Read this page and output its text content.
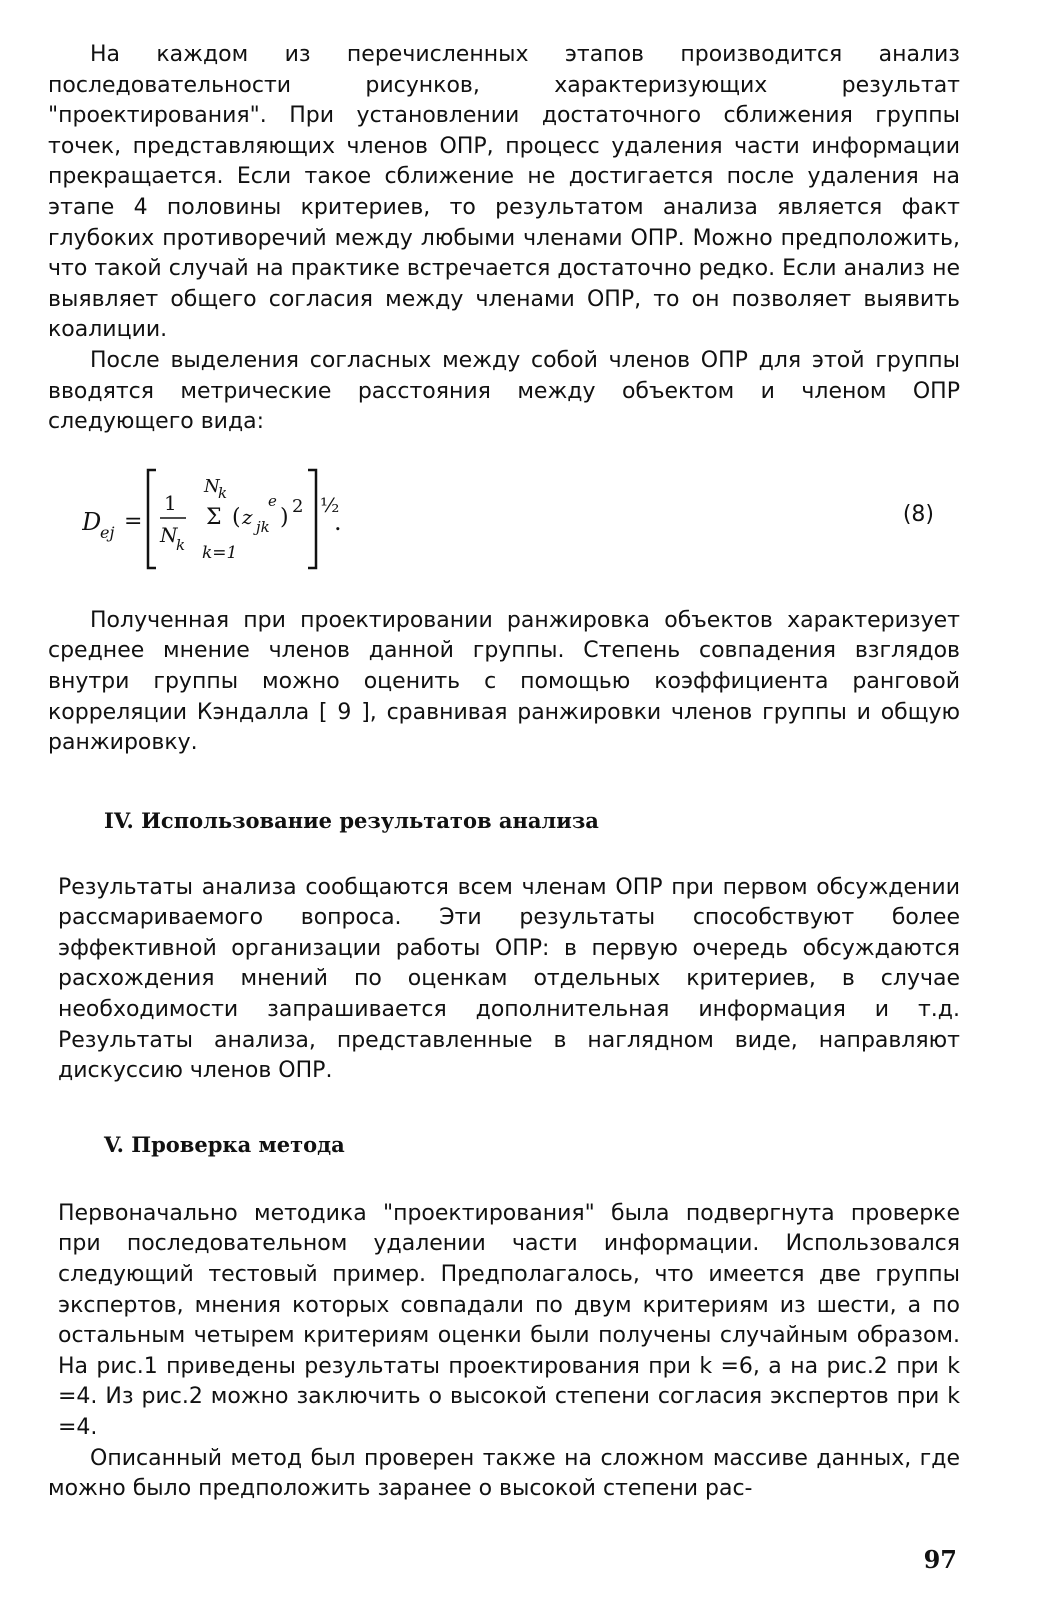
На каждом из перечисленных этапов производится анализ последовательности рисунков, характеризующих результат "проектирования". При установлении достаточного сближения группы точек, представляющих членов ОПР, процесс удаления части информации прекращается. Если такое сближение не достигается после удаления на этапе 4 половины критериев, то результатом анализа является факт глубоких противоречий между любыми членами ОПР. Можно предположить, что такой случай на практике встречается достаточно редко. Если анализ не выявляет общего согласия между членами ОПР, то он позволяет выявить коалиции.

После выделения согласных между собой членов ОПР для этой группы вводятся метрические расстояния между объектом и членом ОПР следующего вида:

D
ej =
1
N
k
N
k
Σ
k=1
( z
e
jk ) 2 ½
.	(8)

Полученная при проектировании ранжировка объектов характеризует среднее мнение членов данной группы. Степень совпадения взглядов внутри группы можно оценить с помощью коэффициента ранговой корреляции Кэндалла [ 9 ], сравнивая ранжировки членов группы и общую ранжировку.

IV. Использование результатов анализа

Результаты анализа сообщаются всем членам ОПР при первом обсуждении рассмариваемого вопроса. Эти результаты способствуют более эффективной организации работы ОПР: в первую очередь обсуждаются расхождения мнений по оценкам отдельных критериев, в случае необходимости запрашивается дополнительная информация и т.д. Результаты анализа, представленные в наглядном виде, направляют дискуссию членов ОПР.

V. Проверка метода

Первоначально методика "проектирования" была подвергнута проверке при последовательном удалении части информации. Использовался следующий тестовый пример. Предполагалось, что имеется две группы экспертов, мнения которых совпадали по двум критериям из шести, а по остальным четырем критериям оценки были получены случайным образом. На рис.1 приведены результаты проектирования при k =6, а на рис.2 при k =4. Из рис.2 можно заключить о высокой степени согласия экспертов при k =4.

Описанный метод был проверен также на сложном массиве данных, где можно было предположить заранее о высокой степени рас-

97
